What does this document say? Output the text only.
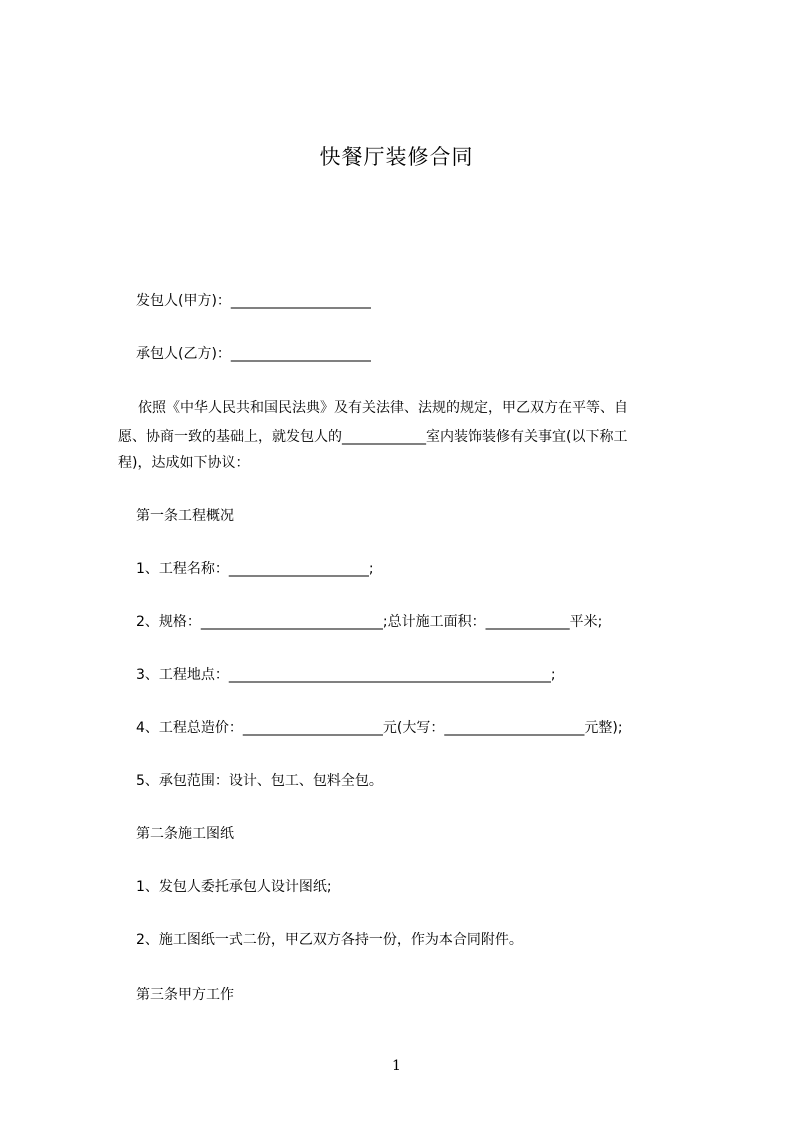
快餐厅装修合同
发包人(甲方)：____________________
承包人(乙方)：____________________
依照《中华人民共和国民法典》及有关法律、法规的规定，甲乙双方在平等、自
愿、协商一致的基础上，就发包人的____________室内装饰装修有关事宜(以下称工
程)，达成如下协议：
第一条工程概况
1、工程名称：____________________;
2、规格：__________________________;总计施工面积：____________平米;
3、工程地点：______________________________________________;
4、工程总造价：____________________元(大写：____________________元整);
5、承包范围：设计、包工、包料全包。
第二条施工图纸
1、发包人委托承包人设计图纸;
2、施工图纸一式二份，甲乙双方各持一份，作为本合同附件。
第三条甲方工作
1
